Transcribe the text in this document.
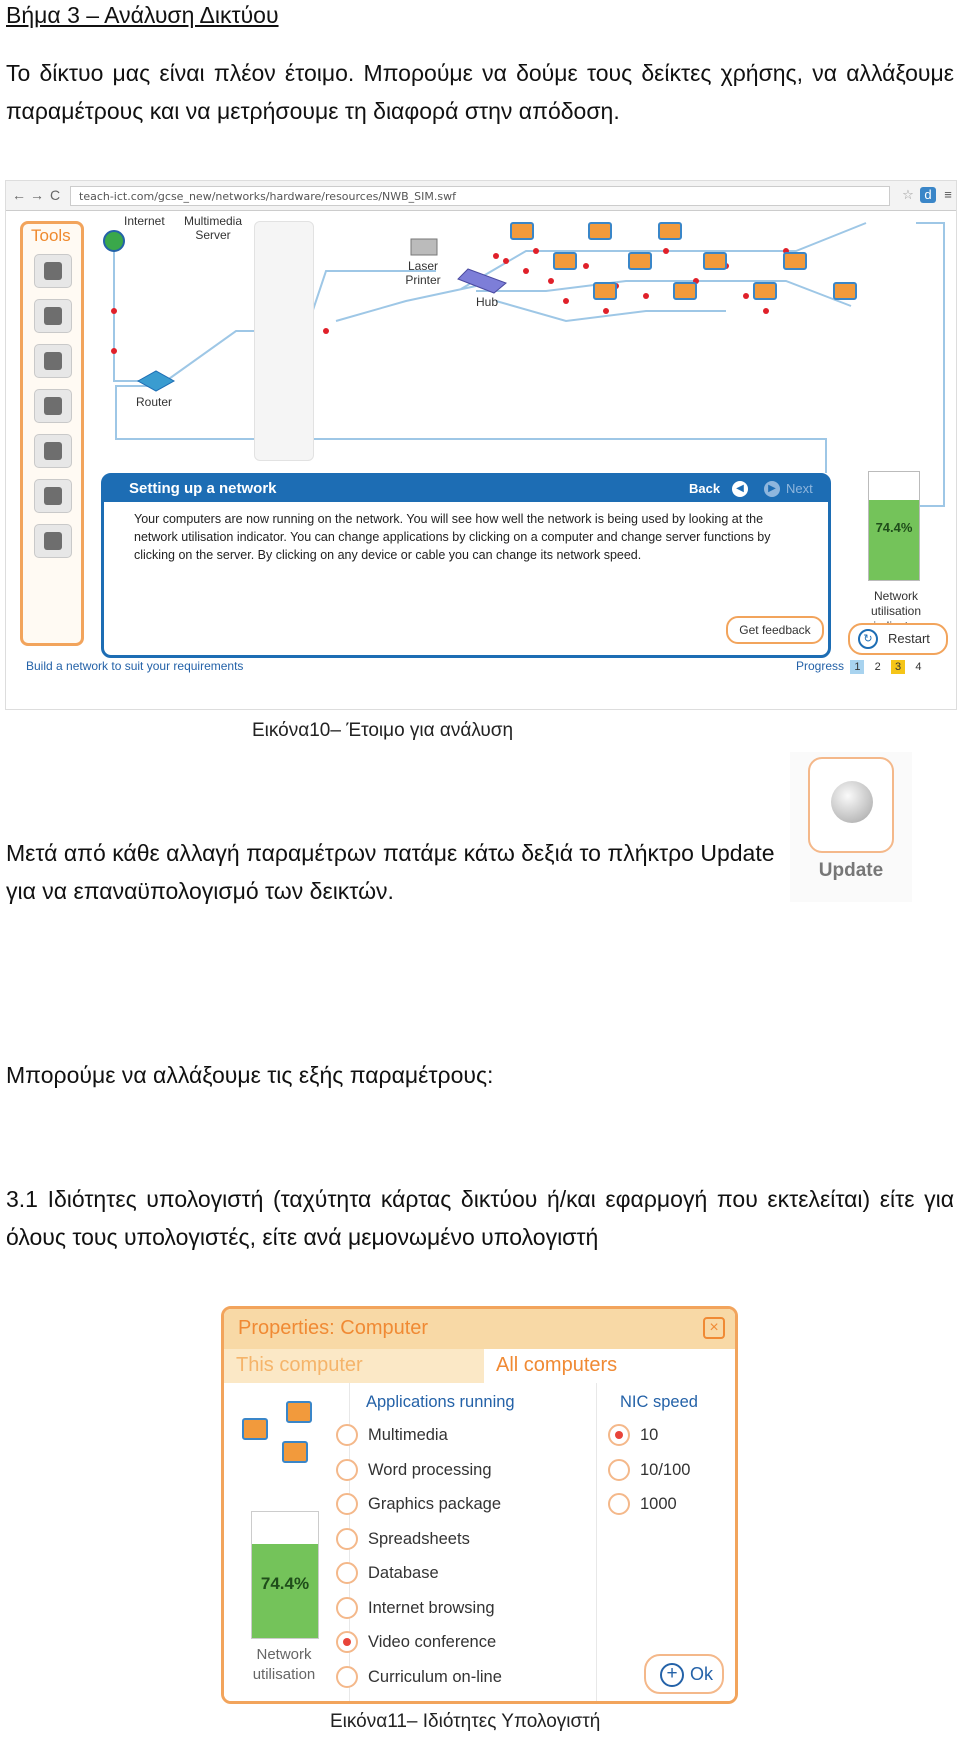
Βήμα 3 – Ανάλυση Δικτύου
Το δίκτυο μας είναι πλέον έτοιμο. Μπορούμε να δούμε τους δείκτες χρήσης, να αλλάξουμε παραμέτρους και να μετρήσουμε τη διαφορά στην απόδοση.
← → C	teach-ict.com/gcse_new/networks/hardware/resources/NWB_SIM.swf	☆ d ≡
Internet	Multimedia Server
Laser Printer
Hub
Router
Tools
Setting up a network	Back	◀	▶ Next
Your computers are now running on the network. You will see how well the network is being used by looking at the network utilisation indicator. You can change applications by clicking on a computer and change server functions by clicking on the server. By clicking on any device or cable you can change its network speed.
Get feedback
74.4%
Network utilisation
↻	Restart
Build a network to suit your requirements	Progress 1 2 3 4
Εικόνα10– Έτοιμο για ανάλυση
Μετά από κάθε αλλαγή παραμέτρων πατάμε κάτω δεξιά το πλήκτρο Update για να επαναϋπολογισμό των δεικτών.
Update
Μπορούμε να αλλάξουμε τις εξής παραμέτρους:
3.1 Ιδιότητες υπολογιστή (ταχύτητα κάρτας δικτύου ή/και εφαρμογή που εκτελείται) είτε για όλους τους υπολογιστές, είτε ανά μεμονωμένο υπολογιστή
Properties: Computer	×
This computer	All computers
74.4%
Network utilisation
Applications running
Multimedia
Word processing
Graphics package
Spreadsheets
Database
Internet browsing
Video conference
Curriculum on-line
NIC speed
10
10/100
1000
+ Ok
Εικόνα11– Ιδιότητες Υπολογιστή
